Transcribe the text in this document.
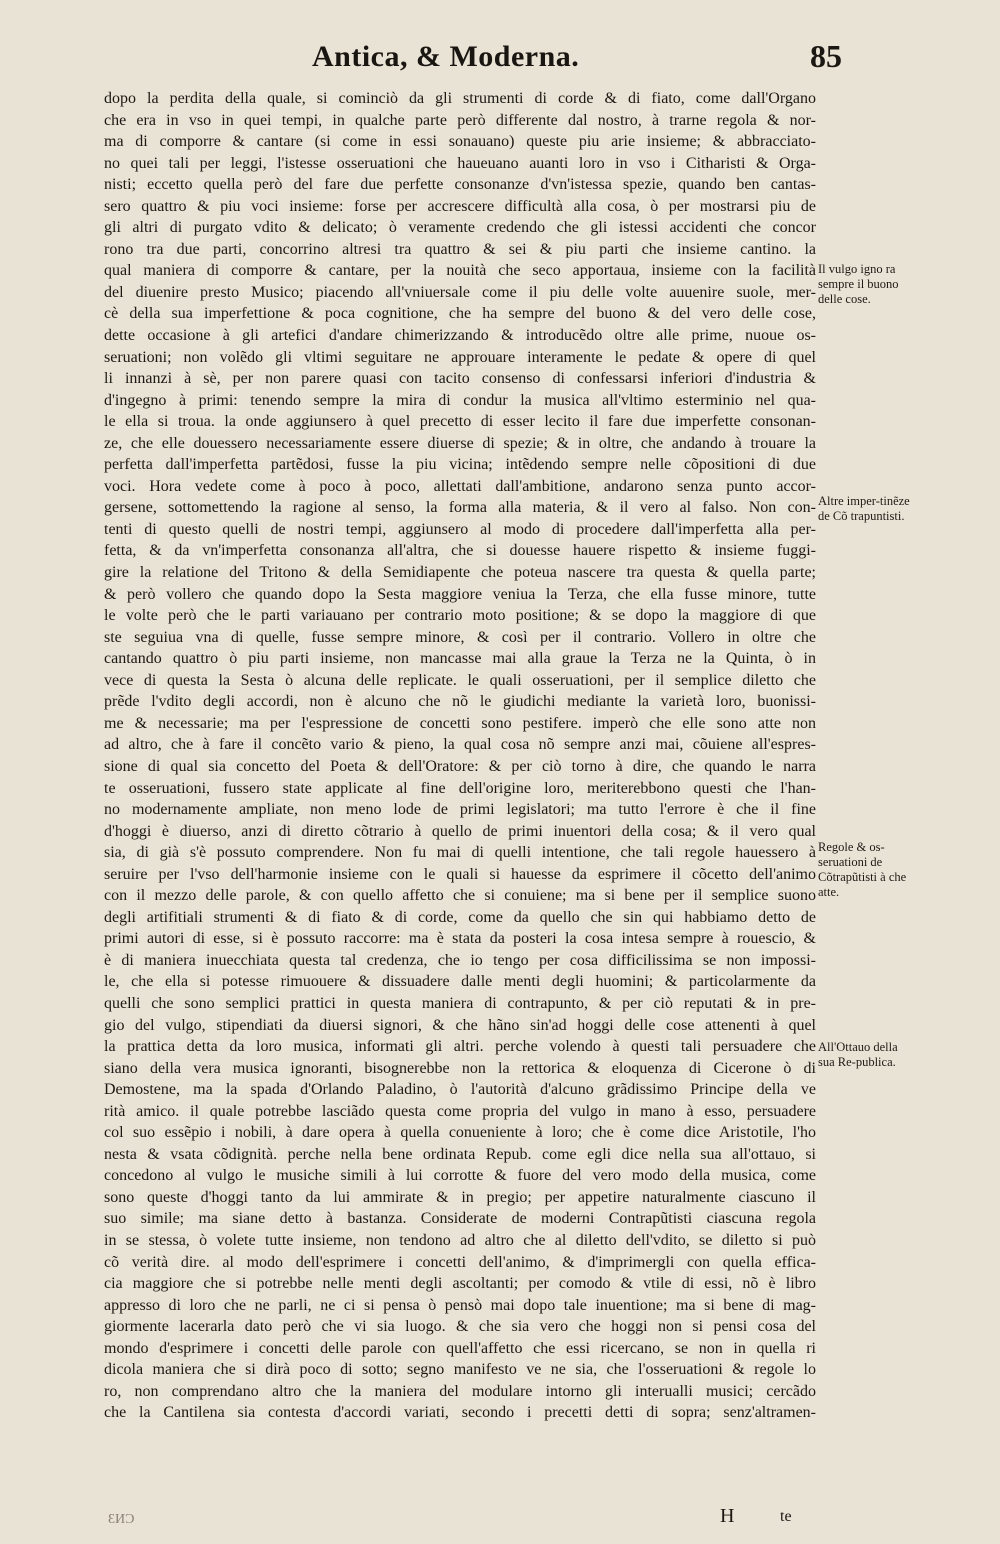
Antica, & Moderna.	85
dopo la perdita della quale, si cominciò da gli strumenti di corde & di fiato, come dall'Organo
che era in vso in quei tempi, in qualche parte però differente dal nostro, à trarne regola & nor-
ma di comporre & cantare (si come in essi sonauano) queste piu arie insieme; & abbracciato-
no quei tali per leggi, l'istesse osseruationi che haueuano auanti loro in vso i Citharisti & Orga-
nisti; eccetto quella però del fare due perfette consonanze d'vn'istessa spezie, quando ben cantas-
sero quattro & piu voci insieme: forse per accrescere difficultà alla cosa, ò per mostrarsi piu de
gli altri di purgato vdito & delicato; ò veramente credendo che gli istessi accidenti che concor
rono tra due parti, concorrino altresi tra quattro & sei & piu parti che insieme cantino. la
qual maniera di comporre & cantare, per la nouità che seco apportaua, insieme con la facilità
del diuenire presto Musico; piacendo all'vniuersale come il piu delle volte auuenire suole, mer-
cè della sua imperfettione & poca cognitione, che ha sempre del buono & del vero delle cose,
dette occasione à gli artefici d'andare chimerizzando & introducẽdo oltre alle prime, nuoue os-
seruationi; non volẽdo gli vltimi seguitare ne approuare interamente le pedate & opere di quel
li innanzi à sè, per non parere quasi con tacito consenso di confessarsi inferiori d'industria &
d'ingegno à primi: tenendo sempre la mira di condur la musica all'vltimo esterminio nel qua-
le ella si troua. la onde aggiunsero à quel precetto di esser lecito il fare due imperfette consonan-
ze, che elle douessero necessariamente essere diuerse di spezie; & in oltre, che andando à trouare la
perfetta dall'imperfetta partẽdosi, fusse la piu vicina; intẽdendo sempre nelle cõpositioni di due
voci. Hora vedete come à poco à poco, allettati dall'ambitione, andarono senza punto accor-
gersene, sottomettendo la ragione al senso, la forma alla materia, & il vero al falso. Non con-
tenti di questo quelli de nostri tempi, aggiunsero al modo di procedere dall'imperfetta alla per-
fetta, & da vn'imperfetta consonanza all'altra, che si douesse hauere rispetto & insieme fuggi-
gire la relatione del Tritono & della Semidiapente che poteua nascere tra questa & quella parte;
& però vollero che quando dopo la Sesta maggiore veniua la Terza, che ella fusse minore, tutte
le volte però che le parti variauano per contrario moto positione; & se dopo la maggiore di que
ste seguiua vna di quelle, fusse sempre minore, & così per il contrario. Vollero in oltre che
cantando quattro ò piu parti insieme, non mancasse mai alla graue la Terza ne la Quinta, ò in
vece di questa la Sesta ò alcuna delle replicate. le quali osseruationi, per il semplice diletto che
prẽde l'vdito degli accordi, non è alcuno che nõ le giudichi mediante la varietà loro, buonissi-
me & necessarie; ma per l'espressione de concetti sono pestifere. imperò che elle sono atte non
ad altro, che à fare il concẽto vario & pieno, la qual cosa nõ sempre anzi mai, cõuiene all'espres-
sione di qual sia concetto del Poeta & dell'Oratore: & per ciò torno à dire, che quando le narra
te osseruationi, fussero state applicate al fine dell'origine loro, meriterebbono questi che l'han-
no modernamente ampliate, non meno lode de primi legislatori; ma tutto l'errore è che il fine
d'hoggi è diuerso, anzi di diretto cõtrario à quello de primi inuentori della cosa; & il vero qual
sia, di già s'è possuto comprendere. Non fu mai di quelli intentione, che tali regole hauessero à
seruire per l'vso dell'harmonie insieme con le quali si hauesse da esprimere il cõcetto dell'animo
con il mezzo delle parole, & con quello affetto che si conuiene; ma si bene per il semplice suono
degli artifitiali strumenti & di fiato & di corde, come da quello che sin qui habbiamo detto de
primi autori di esse, si è possuto raccorre: ma è stata da posteri la cosa intesa sempre à rouescio, &
è di maniera inuecchiata questa tal credenza, che io tengo per cosa difficilissima se non impossi-
le, che ella si potesse rimuouere & dissuadere dalle menti degli huomini; & particolarmente da
quelli che sono semplici prattici in questa maniera di contrapunto, & per ciò reputati & in pre-
gio del vulgo, stipendiati da diuersi signori, & che hãno sin'ad hoggi delle cose attenenti à quel
la prattica detta da loro musica, informati gli altri. perche volendo à questi tali persuadere che
siano della vera musica ignoranti, bisognerebbe non la rettorica & eloquenza di Cicerone ò di
Demostene, ma la spada d'Orlando Paladino, ò l'autorità d'alcuno grãdissimo Principe della ve
rità amico. il quale potrebbe lasciãdo questa come propria del vulgo in mano à esso, persuadere
col suo essẽpio i nobili, à dare opera à quella conueniente à loro; che è come dice Aristotile, l'ho
nesta & vsata cõdignità. perche nella bene ordinata Repub. come egli dice nella sua all'ottauo, si
concedono al vulgo le musiche simili à lui corrotte & fuore del vero modo della musica, come
sono queste d'hoggi tanto da lui ammirate & in pregio; per appetire naturalmente ciascuno il
suo simile; ma siane detto à bastanza. Considerate de moderni Contrapũtisti ciascuna regola
in se stessa, ò volete tutte insieme, non tendono ad altro che al diletto dell'vdito, se diletto si può
cõ verità dire. al modo dell'esprimere i concetti dell'animo, & d'imprimergli con quella effica-
cia maggiore che si potrebbe nelle menti degli ascoltanti; per comodo & vtile di essi, nõ è libro
appresso di loro che ne parli, ne ci si pensa ò pensò mai dopo tale inuentione; ma si bene di mag-
giormente lacerarla dato però che vi sia luogo. & che sia vero che hoggi non si pensi cosa del
mondo d'esprimere i concetti delle parole con quell'affetto che essi ricercano, se non in quella ri
dicola maniera che si dirà poco di sotto; segno manifesto ve ne sia, che l'osseruationi & regole lo
ro, non comprendano altro che la maniera del modulare intorno gli interualli musici; cercãdo
che la Cantilena sia contesta d'accordi variati, secondo i precetti detti di sopra; senz'altramen-
Il vulgo igno ra sempre il buono delle cose.
Altre imper-tinẽze de Cõ trapuntisti.
Regole & os-seruationi de Cõtrapũtisti à che atte.
All'Ottauo della sua Re-publica.
ƐИƆ	H	te
